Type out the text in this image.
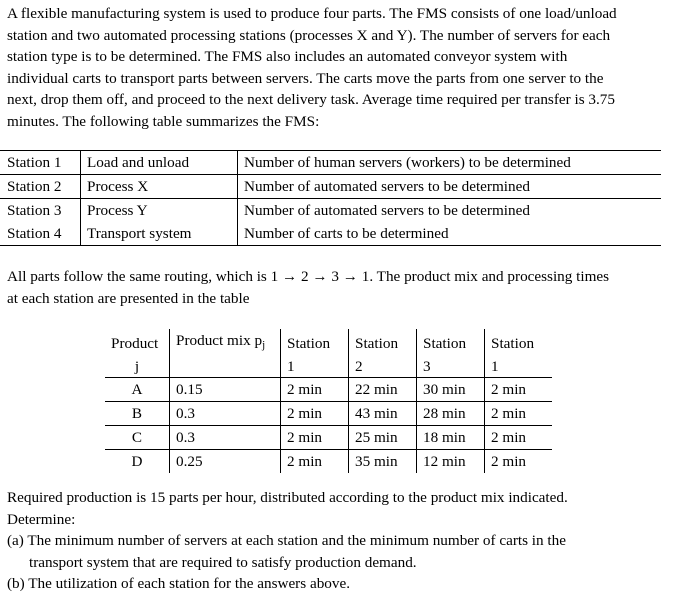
A flexible manufacturing system is used to produce four parts. The FMS consists of one load/unload
station and two automated processing stations (processes X and Y). The number of servers for each
station type is to be determined. The FMS also includes an automated conveyor system with
individual carts to transport parts between servers. The carts move the parts from one server to the
next, drop them off, and proceed to the next delivery task. Average time required per transfer is 3.75
minutes. The following table summarizes the FMS:
Station 1	Load and unload	Number of human servers (workers) to be determined
Station 2	Process X	Number of automated servers to be determined
Station 3	Process Y	Number of automated servers to be determined
Station 4	Transport system	Number of carts to be determined
All parts follow the same routing, which is 1 → 2 → 3 → 1. The product mix and processing times
at each station are presented in the table
Product	Product mix $p_j$	Station	Station	Station	Station
j		1	2	3	1
A	0.15	2 min	22 min	30 min	2 min
B	0.3	2 min	43 min	28 min	2 min
C	0.3	2 min	25 min	18 min	2 min
D	0.25	2 min	35 min	12 min	2 min
Required production is 15 parts per hour, distributed according to the product mix indicated.
Determine:
(a) The minimum number of servers at each station and the minimum number of carts in the
transport system that are required to satisfy production demand.
(b) The utilization of each station for the answers above.
